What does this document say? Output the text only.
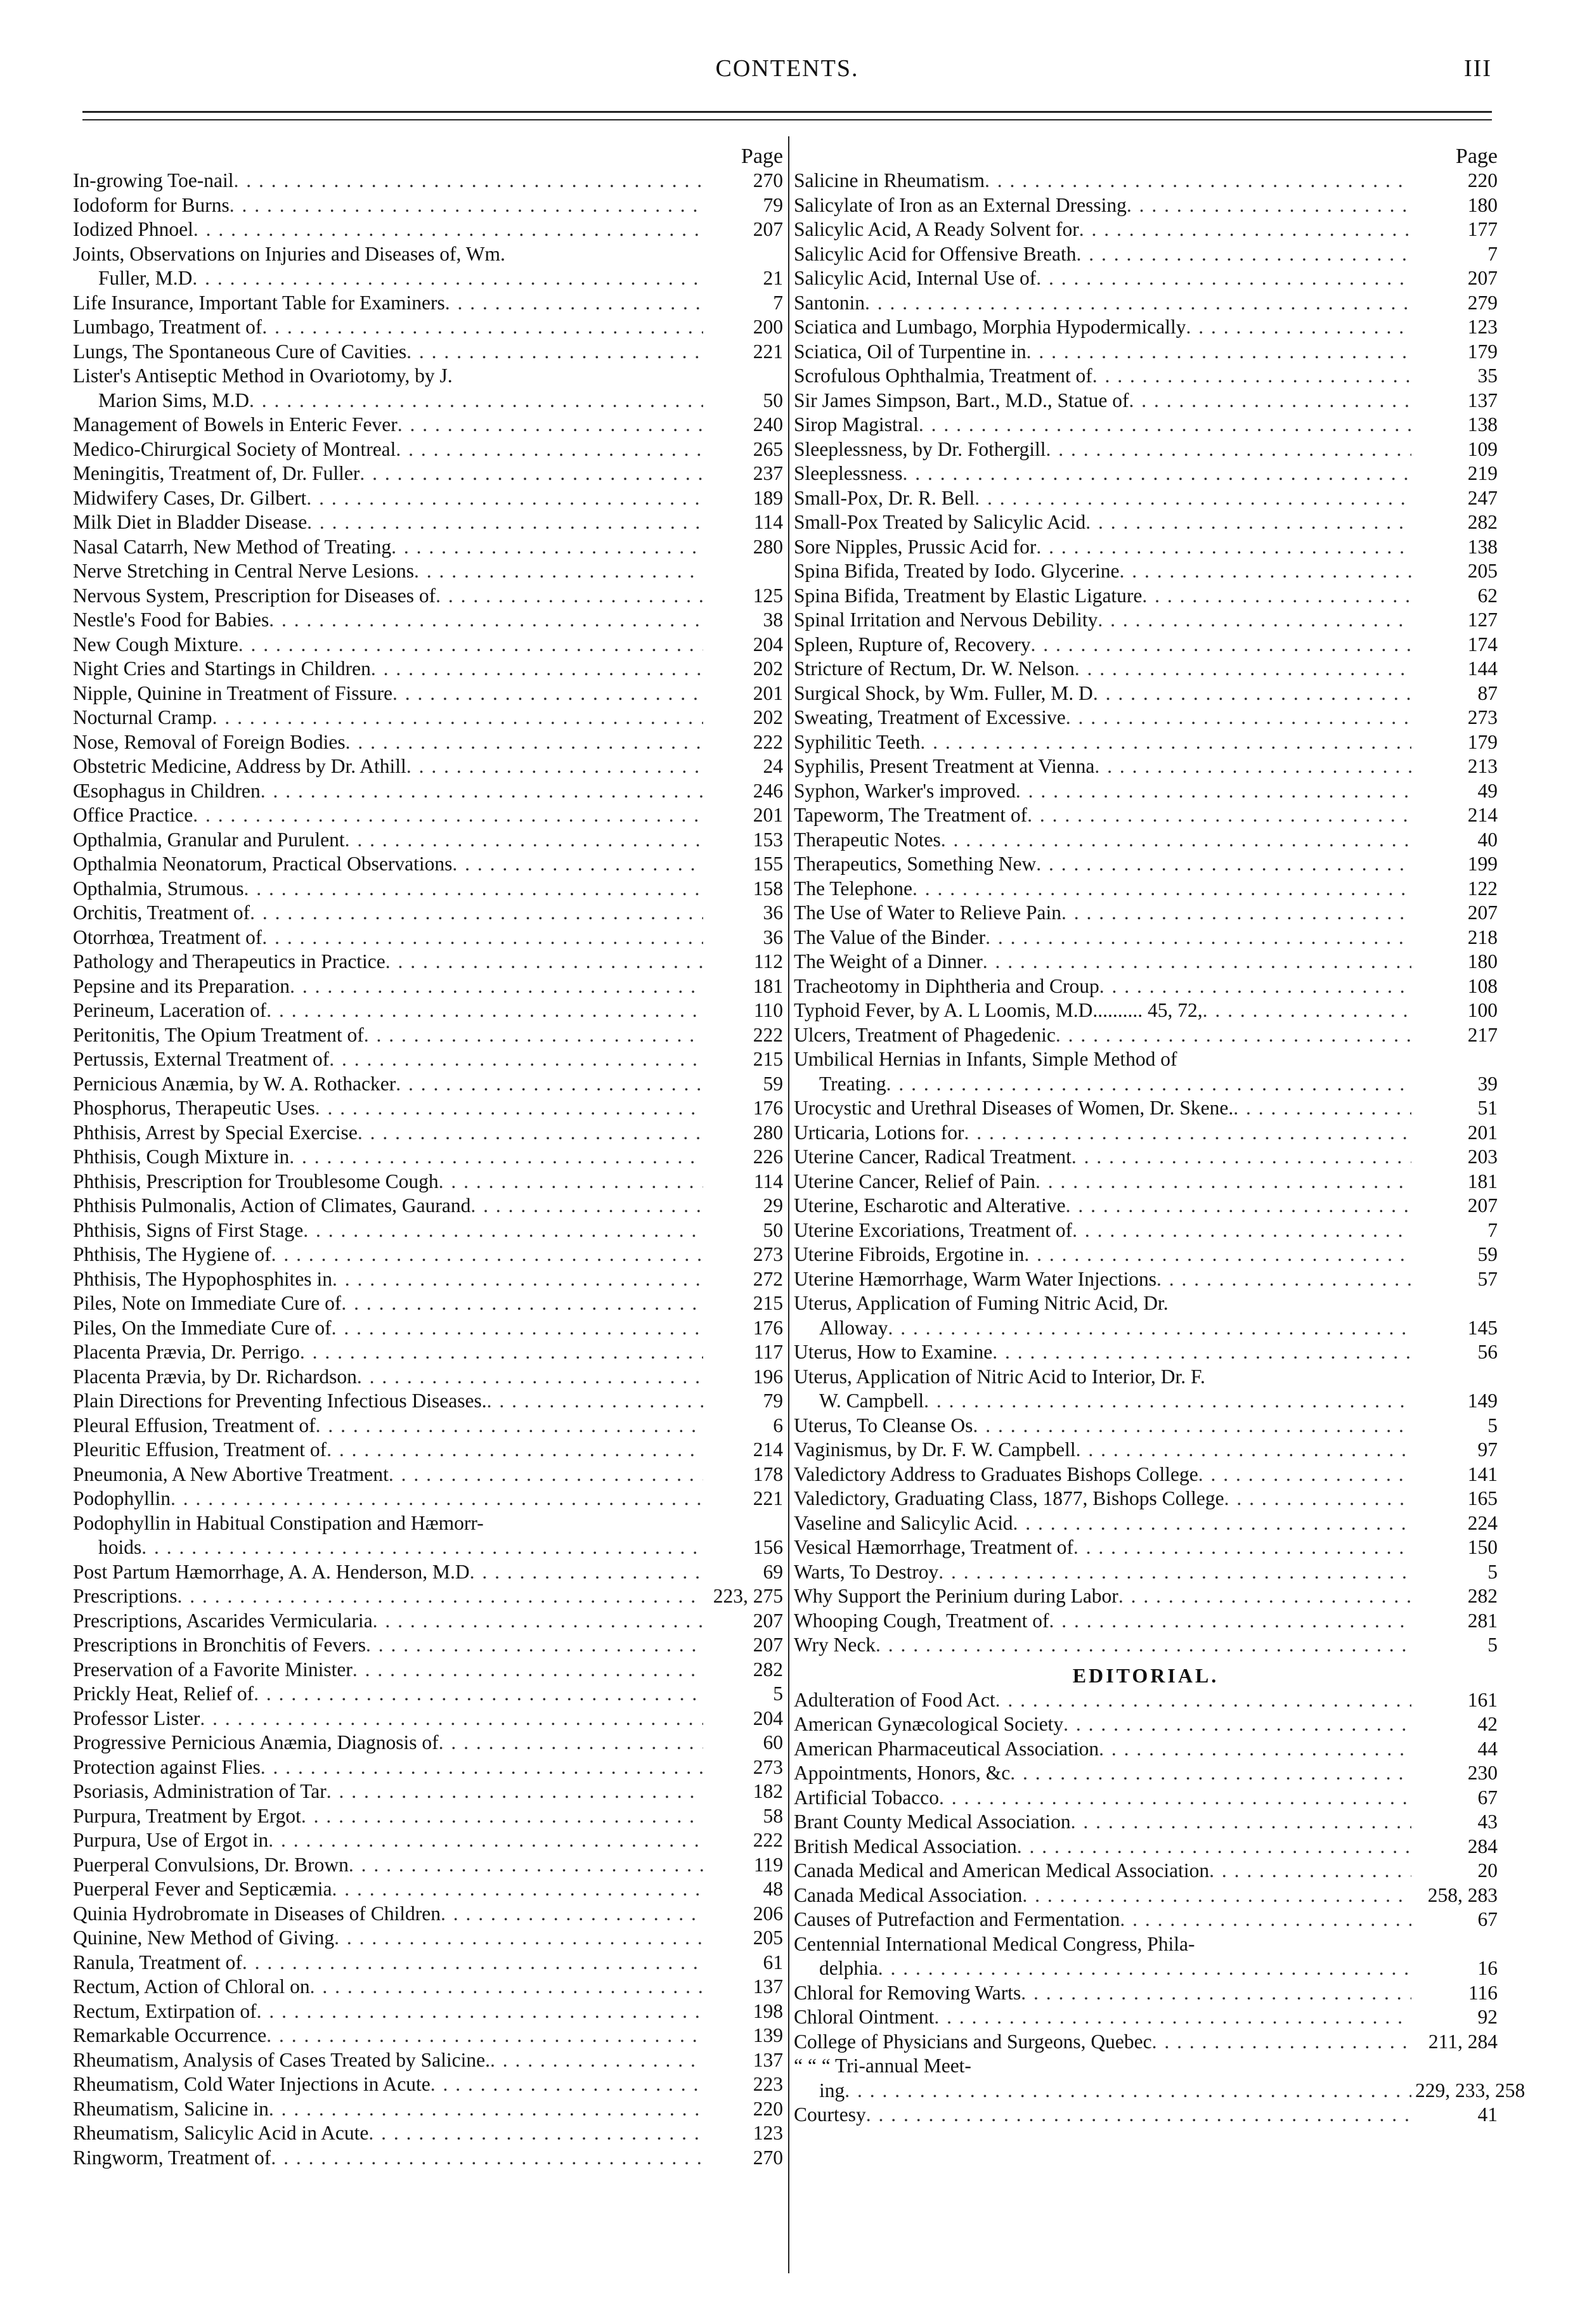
CONTENTS.	III
Page
In-growing Toe-nail . . .	270
Iodoform for Burns . . .	79
Iodized Phnoel . . .	207
Joints, Observations on Injuries and Diseases of, Wm.
Fuller, M.D . . .	21
Life Insurance, Important Table for Examiners . . .	7
Lumbago, Treatment of . . .	200
Lungs, The Spontaneous Cure of Cavities . . .	221
Lister's Antiseptic Method in Ovariotomy, by J.
Marion Sims, M.D . . .	50
Management of Bowels in Enteric Fever . . .	240
Medico-Chirurgical Society of Montreal . . .	265
Meningitis, Treatment of, Dr. Fuller . . .	237
Midwifery Cases, Dr. Gilbert . . .	189
Milk Diet in Bladder Disease . . .	114
Nasal Catarrh, New Method of Treating . . .	280
Nerve Stretching in Central Nerve Lesions
. . .
Nervous System, Prescription for Diseases of . . .	125
Nestle's Food for Babies . . .	38
New Cough Mixture . . .	204
Night Cries and Startings in Children . . .	202
Nipple, Quinine in Treatment of Fissure . . .	201
Nocturnal Cramp . . .	202
Nose, Removal of Foreign Bodies . . .	222
Obstetric Medicine, Address by Dr. Athill . . .	24
Œsophagus in Children . . .	246
Office Practice . . .	201
Opthalmia, Granular and Purulent . . .	153
Opthalmia Neonatorum, Practical Observations . . .	155
Opthalmia, Strumous . . .	158
Orchitis, Treatment of . . .	36
Otorrhœa, Treatment of . . .	36
Pathology and Therapeutics in Practice . . .	112
Pepsine and its Preparation . . .	181
Perineum, Laceration of . . .	110
Peritonitis, The Opium Treatment of . . .	222
Pertussis, External Treatment of . . .	215
Pernicious Anæmia, by W. A. Rothacker . . .	59
Phosphorus, Therapeutic Uses . . .	176
Phthisis, Arrest by Special Exercise . . .	280
Phthisis, Cough Mixture in . . .	226
Phthisis, Prescription for Troublesome Cough . . .	114
Phthisis Pulmonalis, Action of Climates, Gaurand . . .	29
Phthisis, Signs of First Stage . . .	50
Phthisis, The Hygiene of . . .	273
Phthisis, The Hypophosphites in . . .	272
Piles, Note on Immediate Cure of . . .	215
Piles, On the Immediate Cure of . . .	176
Placenta Prævia, Dr. Perrigo . . .	117
Placenta Prævia, by Dr. Richardson . . .	196
Plain Directions for Preventing Infectious Diseases. . . .	79
Pleural Effusion, Treatment of . . .	6
Pleuritic Effusion, Treatment of . . .	214
Pneumonia, A New Abortive Treatment . . .	178
Podophyllin . . .	221
Podophyllin in Habitual Constipation and Hæmorr-
hoids . . .	156
Post Partum Hæmorrhage, A. A. Henderson, M.D . . .	69
Prescriptions . . .	223, 275
Prescriptions, Ascarides Vermicularia . . .	207
Prescriptions in Bronchitis of Fevers . . .	207
Preservation of a Favorite Minister . . .	282
Prickly Heat, Relief of . . .	5
Professor Lister . . .	204
Progressive Pernicious Anæmia, Diagnosis of . . .	60
Protection against Flies . . .	273
Psoriasis, Administration of Tar . . .	182
Purpura, Treatment by Ergot . . .	58
Purpura, Use of Ergot in . . .	222
Puerperal Convulsions, Dr. Brown . . .	119
Puerperal Fever and Septicæmia . . .	48
Quinia Hydrobromate in Diseases of Children . . .	206
Quinine, New Method of Giving . . .	205
Ranula, Treatment of . . .	61
Rectum, Action of Chloral on . . .	137
Rectum, Extirpation of . . .	198
Remarkable Occurrence . . .	139
Rheumatism, Analysis of Cases Treated by Salicine. . . .	137
Rheumatism, Cold Water Injections in Acute . . .	223
Rheumatism, Salicine in . . .	220
Rheumatism, Salicylic Acid in Acute . . .	123
Ringworm, Treatment of . . .	270
Page
Salicine in Rheumatism . . .	220
Salicylate of Iron as an External Dressing . . .	180
Salicylic Acid, A Ready Solvent for . . .	177
Salicylic Acid for Offensive Breath . . .	7
Salicylic Acid, Internal Use of . . .	207
Santonin . . .	279
Sciatica and Lumbago, Morphia Hypodermically . . .	123
Sciatica, Oil of Turpentine in . . .	179
Scrofulous Ophthalmia, Treatment of . . .	35
Sir James Simpson, Bart., M.D., Statue of . . .	137
Sirop Magistral . . .	138
Sleeplessness, by Dr. Fothergill . . .	109
Sleeplessness . . .	219
Small-Pox, Dr. R. Bell . . .	247
Small-Pox Treated by Salicylic Acid . . .	282
Sore Nipples, Prussic Acid for . . .	138
Spina Bifida, Treated by Iodo. Glycerine . . .	205
Spina Bifida, Treatment by Elastic Ligature . . .	62
Spinal Irritation and Nervous Debility . . .	127
Spleen, Rupture of, Recovery . . .	174
Stricture of Rectum, Dr. W. Nelson . . .	144
Surgical Shock, by Wm. Fuller, M. D . . .	87
Sweating, Treatment of Excessive . . .	273
Syphilitic Teeth . . .	179
Syphilis, Present Treatment at Vienna . . .	213
Syphon, Warker's improved . . .	49
Tapeworm, The Treatment of . . .	214
Therapeutic Notes . . .	40
Therapeutics, Something New . . .	199
The Telephone . . .	122
The Use of Water to Relieve Pain . . .	207
The Value of the Binder . . .	218
The Weight of a Dinner . . .	180
Tracheotomy in Diphtheria and Croup . . .	108
Typhoid Fever, by A. L Loomis, M.D.......... 45, 72, . . .	100
Ulcers, Treatment of Phagedenic . . .	217
Umbilical Hernias in Infants, Simple Method of
Treating . . .	39
Urocystic and Urethral Diseases of Women, Dr. Skene. . . .	51
Urticaria, Lotions for . . .	201
Uterine Cancer, Radical Treatment . . .	203
Uterine Cancer, Relief of Pain . . .	181
Uterine, Escharotic and Alterative . . .	207
Uterine Excoriations, Treatment of . . .	7
Uterine Fibroids, Ergotine in . . .	59
Uterine Hæmorrhage, Warm Water Injections . . .	57
Uterus, Application of Fuming Nitric Acid, Dr.
Alloway . . .	145
Uterus, How to Examine . . .	56
Uterus, Application of Nitric Acid to Interior, Dr. F.
W. Campbell . . .	149
Uterus, To Cleanse Os . . .	5
Vaginismus, by Dr. F. W. Campbell . . .	97
Valedictory Address to Graduates Bishops College . . .	141
Valedictory, Graduating Class, 1877, Bishops College . . .	165
Vaseline and Salicylic Acid . . .	224
Vesical Hæmorrhage, Treatment of . . .	150
Warts, To Destroy . . .	5
Why Support the Perinium during Labor . . .	282
Whooping Cough, Treatment of . . .	281
Wry Neck . . .	5
EDITORIAL.
Adulteration of Food Act . . .	161
American Gynæcological Society . . .	42
American Pharmaceutical Association . . .	44
Appointments, Honors, &c . . .	230
Artificial Tobacco . . .	67
Brant County Medical Association . . .	43
British Medical Association . . .	284
Canada Medical and American Medical Association . . .	20
Canada Medical Association . . .	258, 283
Causes of Putrefaction and Fermentation . . .	67
Centennial International Medical Congress, Phila-
delphia . . .	16
Chloral for Removing Warts . . .	116
Chloral Ointment . . .	92
College of Physicians and Surgeons, Quebec . . .	211, 284
“ “ “ Tri-annual Meet-
ing . . .	229, 233, 258
Courtesy . . .	41
